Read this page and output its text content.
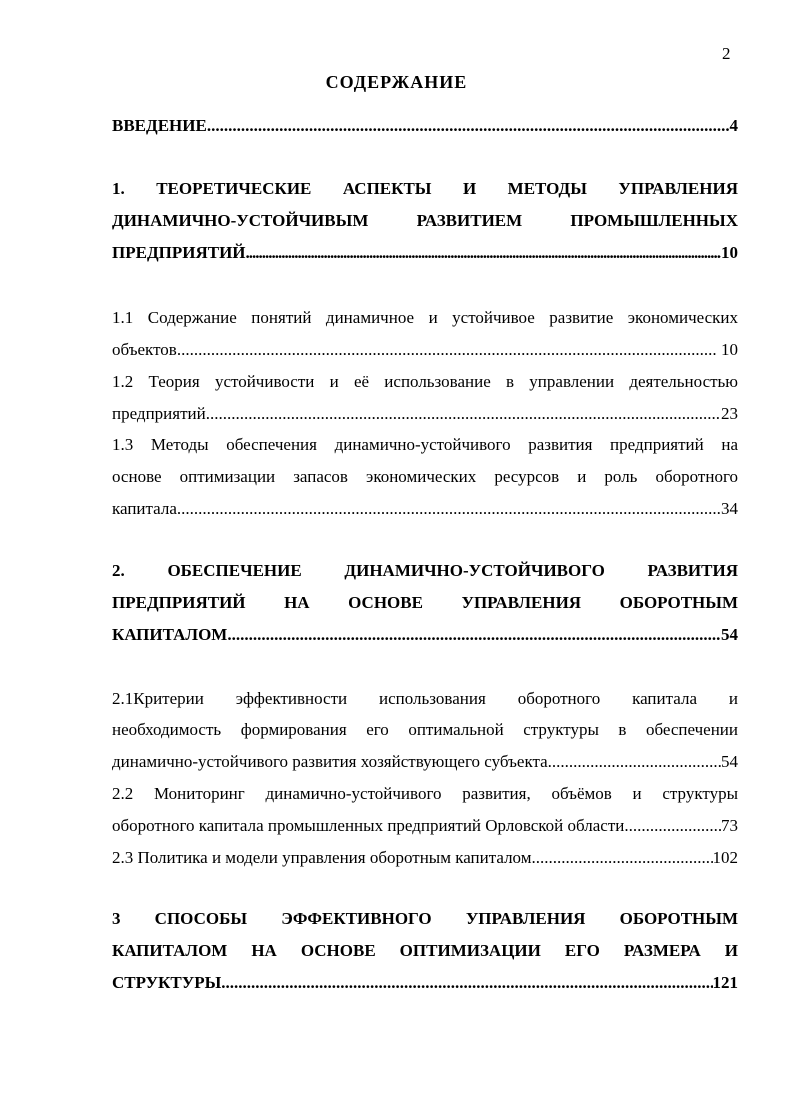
2
СОДЕРЖАНИЕ
ВВЕДЕНИЕ .....	4
1. ТЕОРЕТИЧЕСКИЕ АСПЕКТЫ И МЕТОДЫ УПРАВЛЕНИЯ
ДИНАМИЧНО-УСТОЙЧИВЫМ РАЗВИТИЕМ ПРОМЫШЛЕННЫХ
ПРЕДПРИЯТИЙ .....	10
1.1 Содержание понятий динамичное и устойчивое развитие экономических
объектов .....	10
1.2 Теория устойчивости и её использование в управлении деятельностью
предприятий .....	23
1.3 Методы обеспечения динамично-устойчивого развития предприятий на
основе оптимизации запасов экономических ресурсов и роль оборотного
капитала .....	34
2. ОБЕСПЕЧЕНИЕ ДИНАМИЧНО-УСТОЙЧИВОГО РАЗВИТИЯ
ПРЕДПРИЯТИЙ НА ОСНОВЕ УПРАВЛЕНИЯ ОБОРОТНЫМ
КАПИТАЛОМ .....	54
2.1Критерии эффективности использования оборотного капитала и
необходимость формирования его оптимальной структуры в обеспечении
динамично-устойчивого развития хозяйствующего субъекта .....	54
2.2 Мониторинг динамично-устойчивого развития, объёмов и структуры
оборотного капитала промышленных предприятий Орловской области .....	73
2.3 Политика и модели управления оборотным капиталом .....	102
3 СПОСОБЫ ЭФФЕКТИВНОГО УПРАВЛЕНИЯ ОБОРОТНЫМ
КАПИТАЛОМ НА ОСНОВЕ ОПТИМИЗАЦИИ ЕГО РАЗМЕРА И
СТРУКТУРЫ .....	121
